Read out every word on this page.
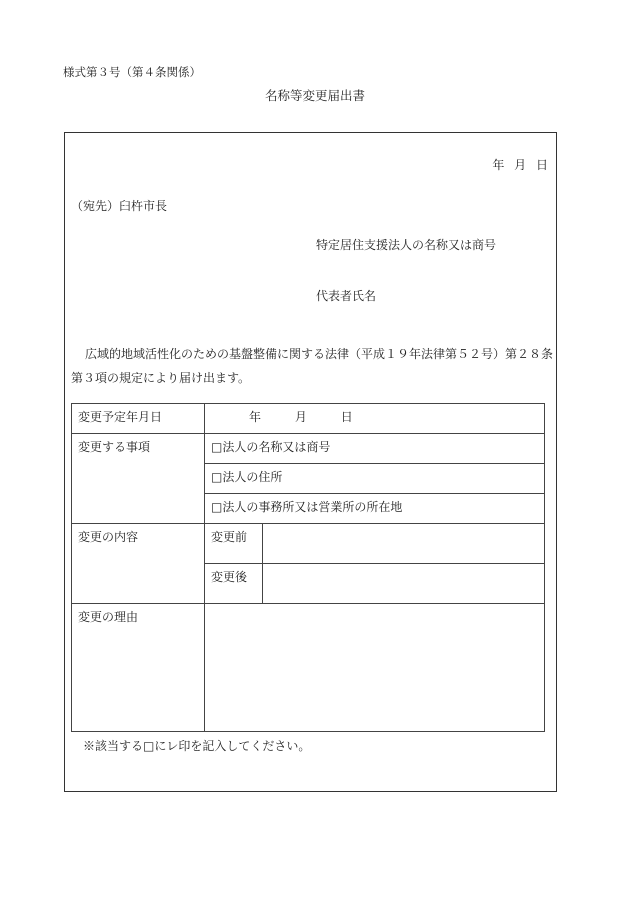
様式第３号（第４条関係）
名称等変更届出書
年 月 日
（宛先）臼杵市長
特定居住支援法人の名称又は商号
代表者氏名
広域的地域活性化のための基盤整備に関する法律（平成１９年法律第５２号）第２８条第３項の規定により届け出ます。
変更予定年月日	年 月 日	
変更する事項	□法人の名称又は商号	
	□法人の住所	
	□法人の事務所又は営業所の所在地	
変更の内容	変更前	
	変更後	
変更の理由		
※該当する□にレ印を記入してください。
